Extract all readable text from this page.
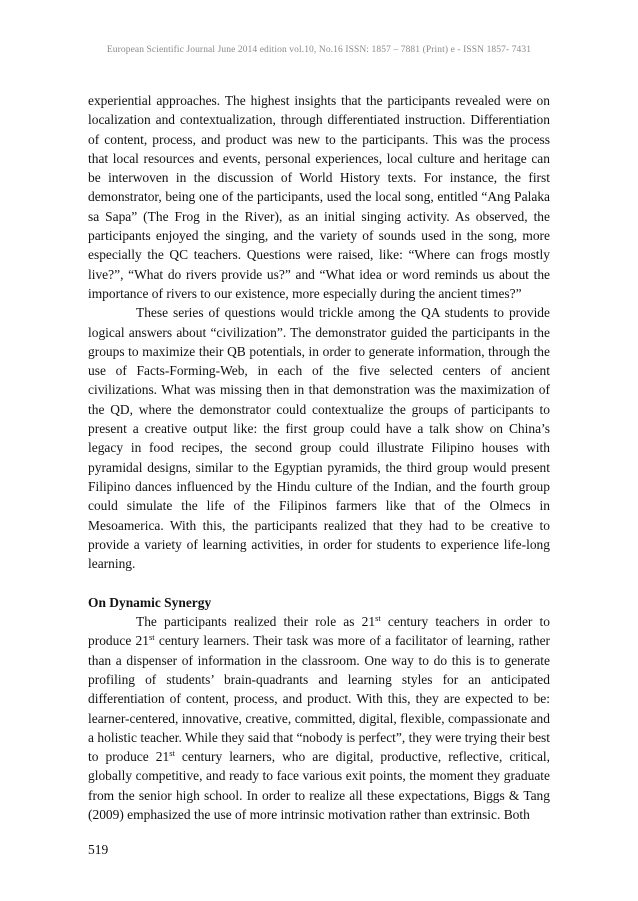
European Scientific Journal June 2014 edition vol.10, No.16 ISSN: 1857 – 7881 (Print) e - ISSN 1857- 7431

experiential approaches. The highest insights that the participants revealed were on localization and contextualization, through differentiated instruction. Differentiation of content, process, and product was new to the participants. This was the process that local resources and events, personal experiences, local culture and heritage can be interwoven in the discussion of World History texts. For instance, the first demonstrator, being one of the participants, used the local song, entitled “Ang Palaka sa Sapa” (The Frog in the River), as an initial singing activity. As observed, the participants enjoyed the singing, and the variety of sounds used in the song, more especially the QC teachers. Questions were raised, like: “Where can frogs mostly live?”, “What do rivers provide us?” and “What idea or word reminds us about the importance of rivers to our existence, more especially during the ancient times?”

These series of questions would trickle among the QA students to provide logical answers about “civilization”. The demonstrator guided the participants in the groups to maximize their QB potentials, in order to generate information, through the use of Facts-Forming-Web, in each of the five selected centers of ancient civilizations. What was missing then in that demonstration was the maximization of the QD, where the demonstrator could contextualize the groups of participants to present a creative output like: the first group could have a talk show on China’s legacy in food recipes, the second group could illustrate Filipino houses with pyramidal designs, similar to the Egyptian pyramids, the third group would present Filipino dances influenced by the Hindu culture of the Indian, and the fourth group could simulate the life of the Filipinos farmers like that of the Olmecs in Mesoamerica. With this, the participants realized that they had to be creative to provide a variety of learning activities, in order for students to experience life-long learning.

On Dynamic Synergy

The participants realized their role as 21st century teachers in order to produce 21st century learners. Their task was more of a facilitator of learning, rather than a dispenser of information in the classroom. One way to do this is to generate profiling of students’ brain-quadrants and learning styles for an anticipated differentiation of content, process, and product. With this, they are expected to be: learner-centered, innovative, creative, committed, digital, flexible, compassionate and a holistic teacher. While they said that “nobody is perfect”, they were trying their best to produce 21st century learners, who are digital, productive, reflective, critical, globally competitive, and ready to face various exit points, the moment they graduate from the senior high school. In order to realize all these expectations, Biggs & Tang (2009) emphasized the use of more intrinsic motivation rather than extrinsic. Both

519
